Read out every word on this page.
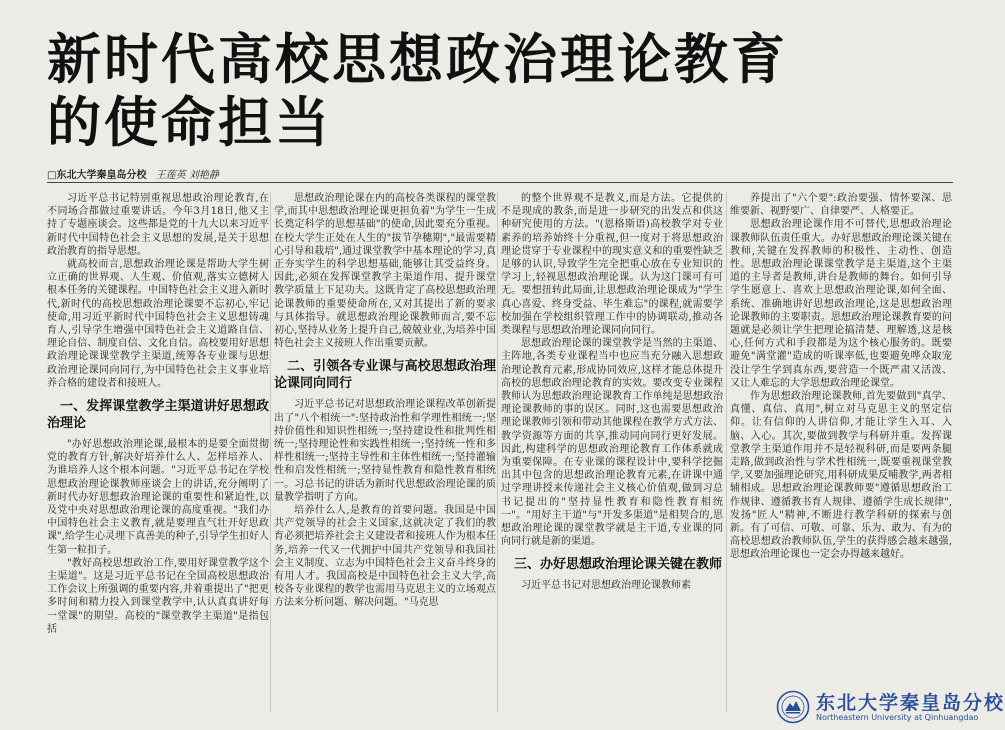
新时代高校思想政治理论教育
的使命担当
□东北大学秦皇岛分校 王莲英 刘艳静

习近平总书记特别重视思想政治理论教育,在不同场合都做过重要讲话。今年3月18日,他又主持了专题座谈会。这些都是党的十九大以来习近平新时代中国特色社会主义思想的发展,是关于思想政治教育的指导思想。

就高校而言,思想政治理论课是帮助大学生树立正确的世界观、人生观、价值观,落实立德树人根本任务的关键课程。中国特色社会主义进入新时代,新时代的高校思想政治理论课要不忘初心,牢记使命,用习近平新时代中国特色社会主义思想铸魂育人,引导学生增强中国特色社会主义道路自信、理论自信、制度自信、文化自信。高校要用好思想政治理论课课堂教学主渠道,统筹各专业课与思想政治理论课同向同行,为中国特色社会主义事业培养合格的建设者和接班人。

一、发挥课堂教学主渠道讲好思想政治理论

"办好思想政治理论课,最根本的是要全面贯彻党的教育方针,解决好培养什么人、怎样培养人、为谁培养人这个根本问题。"习近平总书记在学校思想政治理论课教师座谈会上的讲话,充分阐明了新时代办好思想政治理论课的重要性和紧迫性,以及党中央对思想政治理论课的高度重视。"我们办中国特色社会主义教育,就是要理直气壮开好思政课",给学生心灵埋下真善美的种子,引导学生扣好人生第一粒扣子。

"教好高校思想政治工作,要用好课堂教学这个主渠道"。这是习近平总书记在全国高校思想政治工作会议上所强调的重要内容,并着重提出了"把更多时间和精力投入到课堂教学中,认认真真讲好每一堂课"的期望。高校的"课堂教学主渠道"是指包括

思想政治理论课在内的高校各类课程的课堂教学,而其中思想政治理论课更担负着"为学生一生成长奠定科学的思想基础"的使命,因此要充分重视。在校大学生正处在人生的"拔节孕穗期","最需要精心引导和栽培",通过课堂教学中基本理论的学习,真正夯实学生的科学思想基础,能够让其受益终身。因此,必须在发挥课堂教学主渠道作用、提升课堂教学质量上下足功夫。这既肯定了高校思想政治理论课教师的重要使命所在,又对其提出了新的要求与具体指导。就思想政治理论课教师而言,要不忘初心,坚持从业务上提升自己,兢兢业业,为培养中国特色社会主义接班人作出重要贡献。

二、引领各专业课与高校思想政治理论课同向同行

习近平总书记对思想政治理论课程改革创新提出了"八个相统一":坚持政治性和学理性相统一;坚持价值性和知识性相统一;坚持建设性和批判性相统一;坚持理论性和实践性相统一;坚持统一性和多样性相统一;坚持主导性和主体性相统一;坚持灌输性和启发性相统一;坚持显性教育和隐性教育相统一。习总书记的讲话为新时代思想政治理论课的质量教学指明了方向。

培养什么人,是教育的首要问题。我国是中国共产党领导的社会主义国家,这就决定了我们的教育必须把培养社会主义建设者和接班人作为根本任务,培养一代又一代拥护中国共产党领导和我国社会主义制度、立志为中国特色社会主义奋斗终身的有用人才。我国高校是中国特色社会主义大学,高校各专业课程的教学也需用马克思主义的立场观点方法来分析问题、解决问题。"马克思

的整个世界观不是教义,而是方法。它提供的不是现成的教条,而是进一步研究的出发点和供这种研究使用的方法。"(恩格斯语)高校教学对专业素养的培养始终十分重视,但一度对于将思想政治理论贯穿于专业课程中的现实意义和的重要性缺乏足够的认识,导致学生完全把重心放在专业知识的学习上,轻视思想政治理论课。认为这门课可有可无。要想扭转此局面,让思想政治理论课成为"学生真心喜爱、终身受益、毕生难忘"的课程,就需要学校加强在学校组织管理工作中的协调联动,推动各类课程与思想政治理论课同向同行。

思想政治理论课的课堂教学是当然的主渠道、主阵地,各类专业课程当中也应当充分融入思想政治理论教育元素,形成协同效应,这样才能总体提升高校的思想政治理论教育的实效。要改变专业课程教师认为思想政治理论课教育工作单纯是思想政治理论课教师的事的误区。同时,这也需要思想政治理论课教师引领和带动其他课程在教学方式方法、教学资源等方面的共享,推动同向同行更好发展。因此,构建科学的思想政治理论教育工作体系就成为重要保障。在专业课的课程设计中,要科学挖掘出其中包含的思想政治理论教育元素,在讲课中通过学理讲授来传递社会主义核心价值观,做到习总书记提出的"坚持显性教育和隐性教育相统一"。"用好主干道"与"开发多渠道"是相契合的,思想政治理论课的课堂教学就是主干道,专业课的同向同行就是新的渠道。

三、办好思想政治理论课关键在教师

习近平总书记对思想政治理论课教师素

养提出了"六个要":政治要强、情怀要深、思维要新、视野要广、自律要严、人格要正。

思想政治理论课作用不可替代,思想政治理论课教师队伍责任重大。办好思想政治理论课关键在教师,关键在发挥教师的积极性、主动性、创造性。思想政治理论课课堂教学是主渠道,这个主渠道的主导者是教师,讲台是教师的舞台。如何引导学生愿意上、喜欢上思想政治理论课,如何全面、系统、准确地讲好思想政治理论,这是思想政治理论课教师的主要职责。思想政治理论课教育要的问题就是必须让学生把理论搞清楚、理解透,这是核心,任何方式和手段都是为这个核心服务的。既要避免"满堂灌"造成的听课率低,也要避免哗众取宠没让学生学到真东西,要营造一个既严肃又活泼、又让人难忘的大学思想政治理论课堂。

作为思想政治理论课教师,首先要做到"真学、真懂、真信、真用",树立对马克思主义的坚定信仰。让有信仰的人讲信仰,才能让学生入耳、入脑、入心。其次,要做到教学与科研并重。发挥课堂教学主渠道作用并不是轻视科研,而是要两条腿走路,做到政治性与学术性相统一,既要重视课堂教学,又要加强理论研究,用科研成果反哺教学,两者相辅相成。思想政治理论课教师要"遵循思想政治工作规律、遵循教书育人规律、遵循学生成长规律",发扬"匠人"精神,不断进行教学科研的探索与创新。有了可信、可敬、可靠、乐为、敢为、有为的高校思想政治教师队伍,学生的获得感会越来越强,思想政治理论课也一定会办得越来越好。

东北大学秦皇岛分校
Northeastern University at Qinhuangdao
